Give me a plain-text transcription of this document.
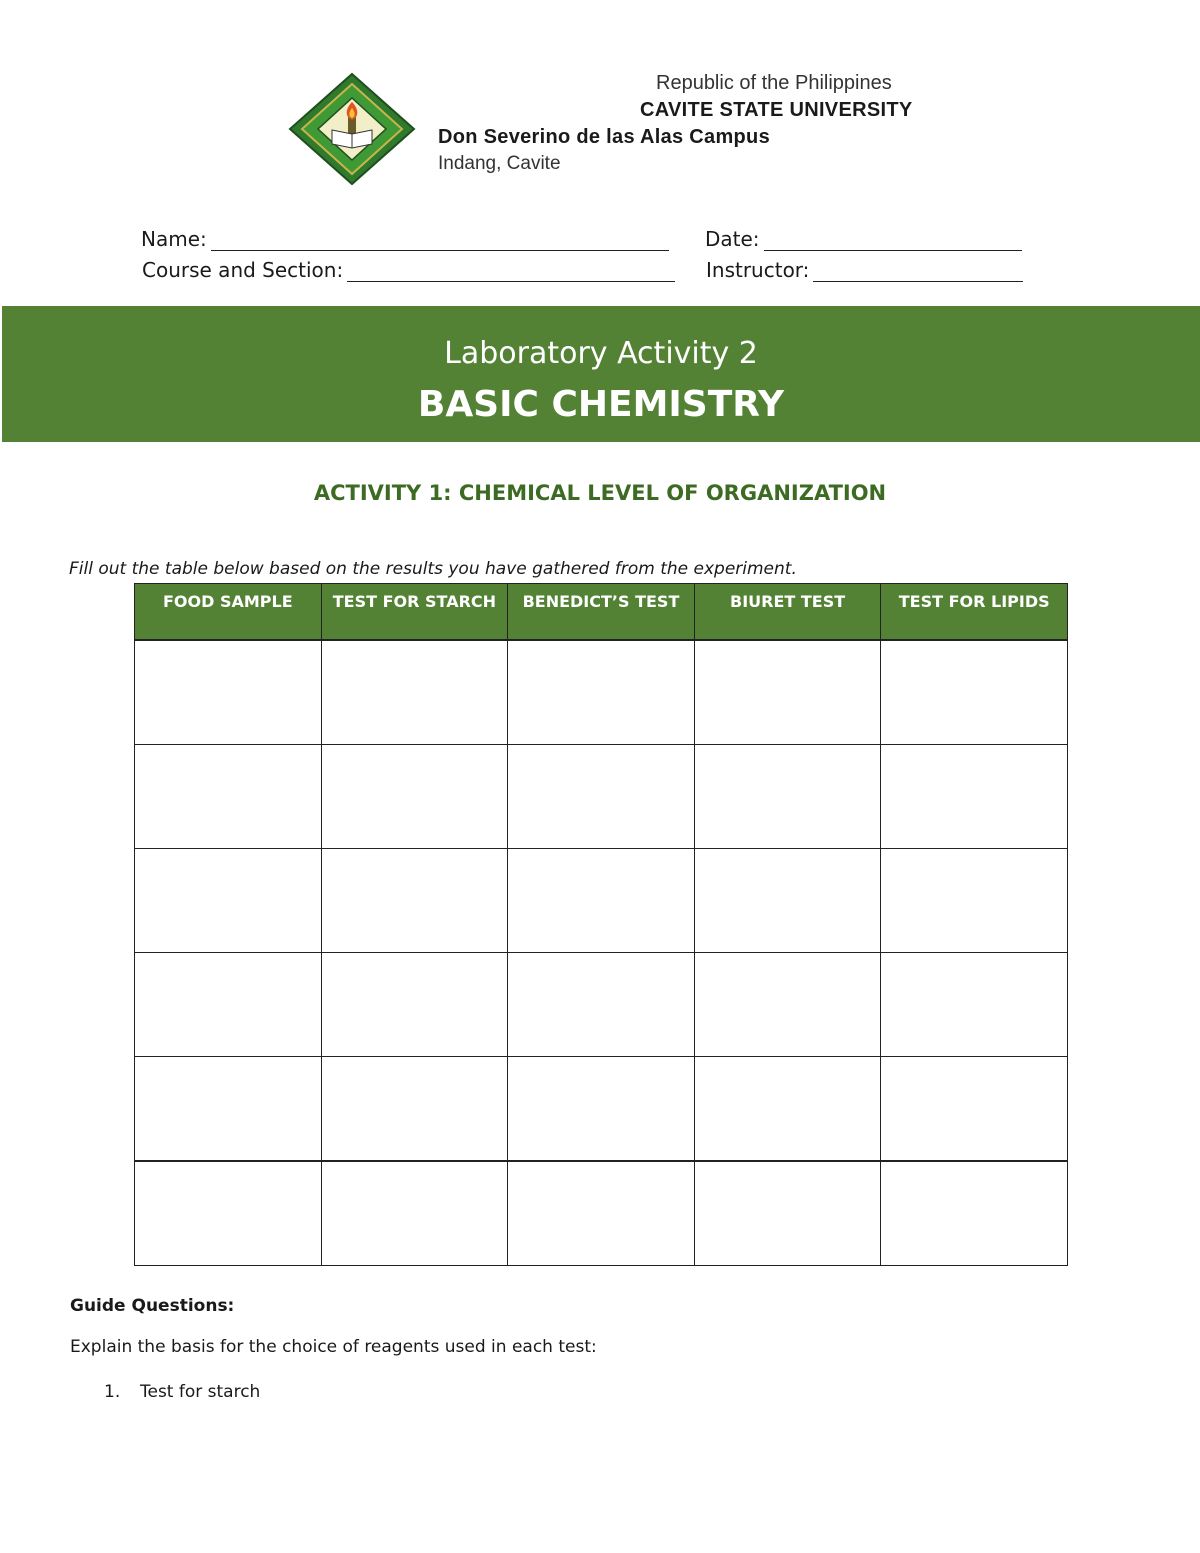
Republic of the Philippines
CAVITE STATE UNIVERSITY
Don Severino de las Alas Campus
Indang, Cavite
Name:	Date:
Course and Section:	Instructor:
Laboratory Activity 2
BASIC CHEMISTRY
ACTIVITY 1: CHEMICAL LEVEL OF ORGANIZATION
Fill out the table below based on the results you have gathered from the experiment.
FOOD SAMPLE	TEST FOR STARCH	BENEDICT’S TEST	BIURET TEST	TEST FOR LIPIDS

Guide Questions:
Explain the basis for the choice of reagents used in each test:
1.	Test for starch
